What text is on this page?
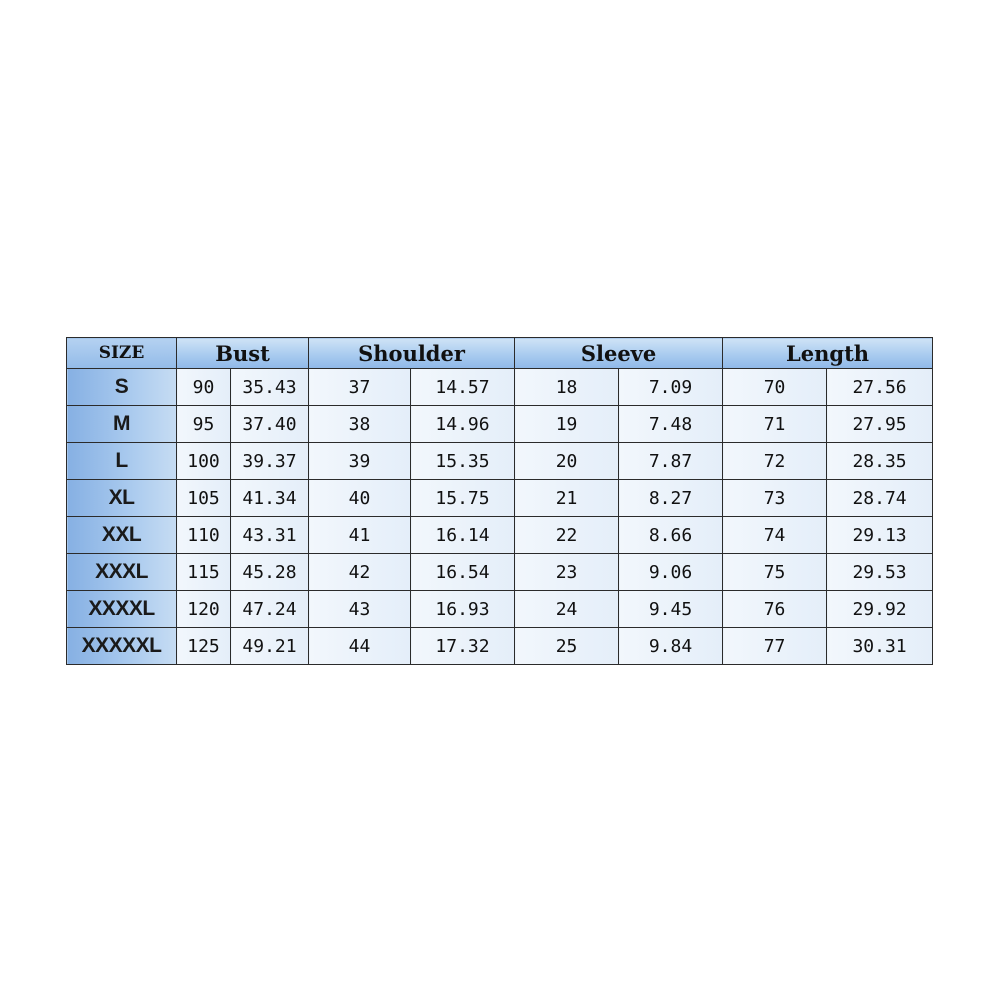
SIZE	Bust		Shoulder		Sleeve		Length	
S	90	35.43	37	14.57	18	7.09	70	27.56
M	95	37.40	38	14.96	19	7.48	71	27.95
L	100	39.37	39	15.35	20	7.87	72	28.35
XL	105	41.34	40	15.75	21	8.27	73	28.74
XXL	110	43.31	41	16.14	22	8.66	74	29.13
XXXL	115	45.28	42	16.54	23	9.06	75	29.53
XXXXL	120	47.24	43	16.93	24	9.45	76	29.92
XXXXXL	125	49.21	44	17.32	25	9.84	77	30.31
